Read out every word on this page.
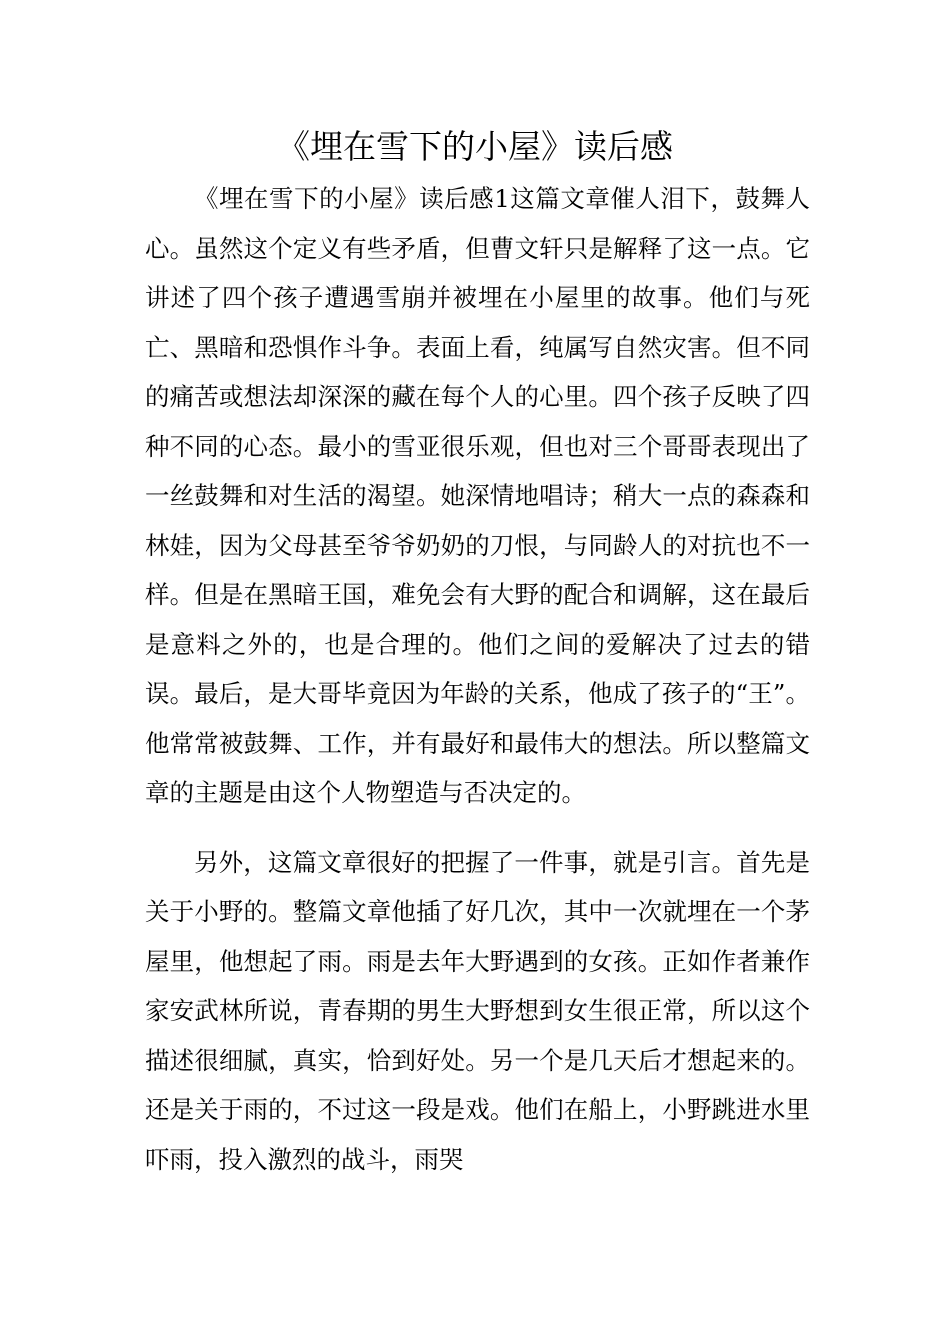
《埋在雪下的小屋》读后感

《埋在雪下的小屋》读后感1这篇文章催人泪下，鼓舞人心。虽然这个定义有些矛盾，但曹文轩只是解释了这一点。它讲述了四个孩子遭遇雪崩并被埋在小屋里的故事。他们与死亡、黑暗和恐惧作斗争。表面上看，纯属写自然灾害。但不同的痛苦或想法却深深的藏在每个人的心里。四个孩子反映了四种不同的心态。最小的雪亚很乐观，但也对三个哥哥表现出了一丝鼓舞和对生活的渴望。她深情地唱诗；稍大一点的森森和林娃，因为父母甚至爷爷奶奶的刀恨，与同龄人的对抗也不一样。但是在黑暗王国，难免会有大野的配合和调解，这在最后是意料之外的，也是合理的。他们之间的爱解决了过去的错误。最后，是大哥毕竟因为年龄的关系，他成了孩子的“王”。他常常被鼓舞、工作，并有最好和最伟大的想法。所以整篇文章的主题是由这个人物塑造与否决定的。

另外，这篇文章很好的把握了一件事，就是引言。首先是关于小野的。整篇文章他插了好几次，其中一次就埋在一个茅屋里，他想起了雨。雨是去年大野遇到的女孩。正如作者兼作家安武林所说，青春期的男生大野想到女生很正常，所以这个描述很细腻，真实，恰到好处。另一个是几天后才想起来的。还是关于雨的，不过这一段是戏。他们在船上，小野跳进水里吓雨，投入激烈的战斗，雨哭
